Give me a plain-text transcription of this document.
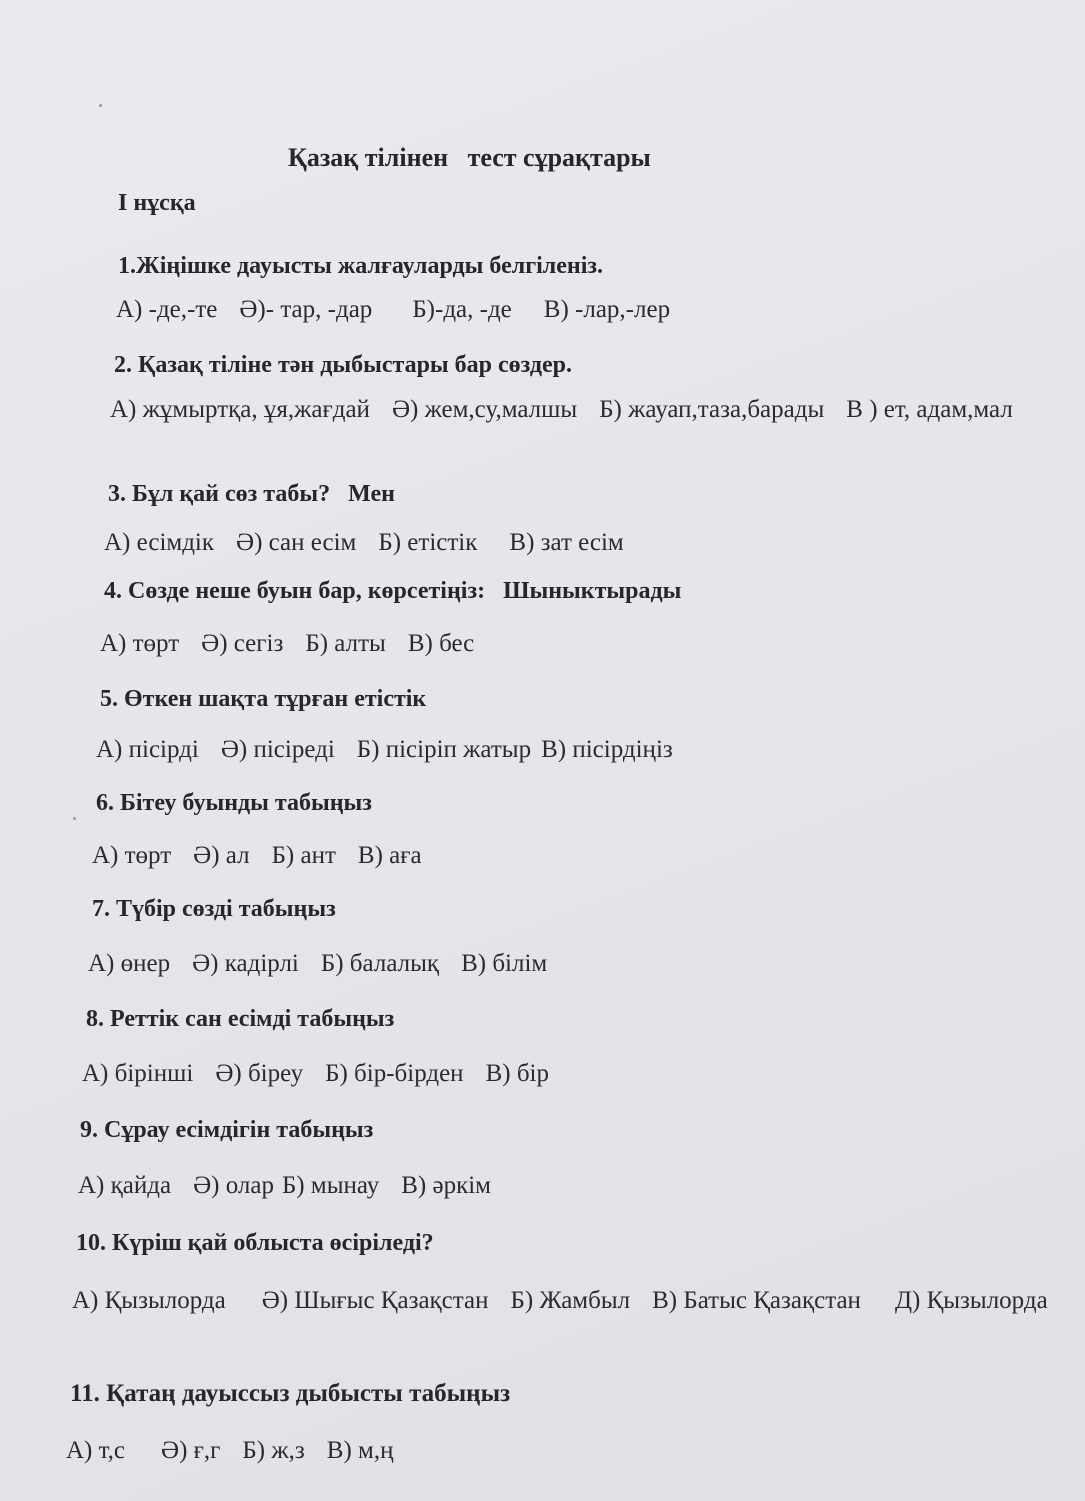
Қазақ тілінен   тест сұрақтары
І нұсқа
1.Жіңішке дауысты жалғауларды белгіленіз.
А) -де,-те Ә)- тар, -дар Б)-да, -де В) -лар,-лер
2. Қазақ тіліне тән дыбыстары бар сөздер.
А) жұмыртқа, ұя,жағдай Ә) жем,су,малшы Б) жауап,таза,барады В ) ет, адам,мал
3. Бұл қай сөз табы?   Мен
А) есімдік Ә) сан есім Б) етістік В) зат есім
4. Сөзде неше буын бар, көрсетіңіз:   Шыныктырады
А) төрт Ә) сегіз Б) алты В) бес
5. Өткен шақта тұрған етістік
А) пісірді Ә) пісіреді Б) пісіріп жатыр В) пісірдіңіз
6. Бітеу буынды табыңыз
А) төрт Ә) ал Б) ант В) аға
7. Түбір сөзді табыңыз
А) өнер Ә) кадірлі Б) балалық В) білім
8. Реттік сан есімді табыңыз
А) бірінші Ә) біреу Б) бір-бірден В) бір
9. Сұрау есімдігін табыңыз
А) қайда Ә) олар Б) мынау В) әркім
10. Күріш қай облыста өсіріледі?
А) Қызылорда Ә) Шығыс Қазақстан Б) Жамбыл В) Батыс Қазақстан Д) Қызылорда
11. Қатаң дауыссыз дыбысты табыңыз
А) т,с Ә) ғ,г Б) ж,з В) м,ң
